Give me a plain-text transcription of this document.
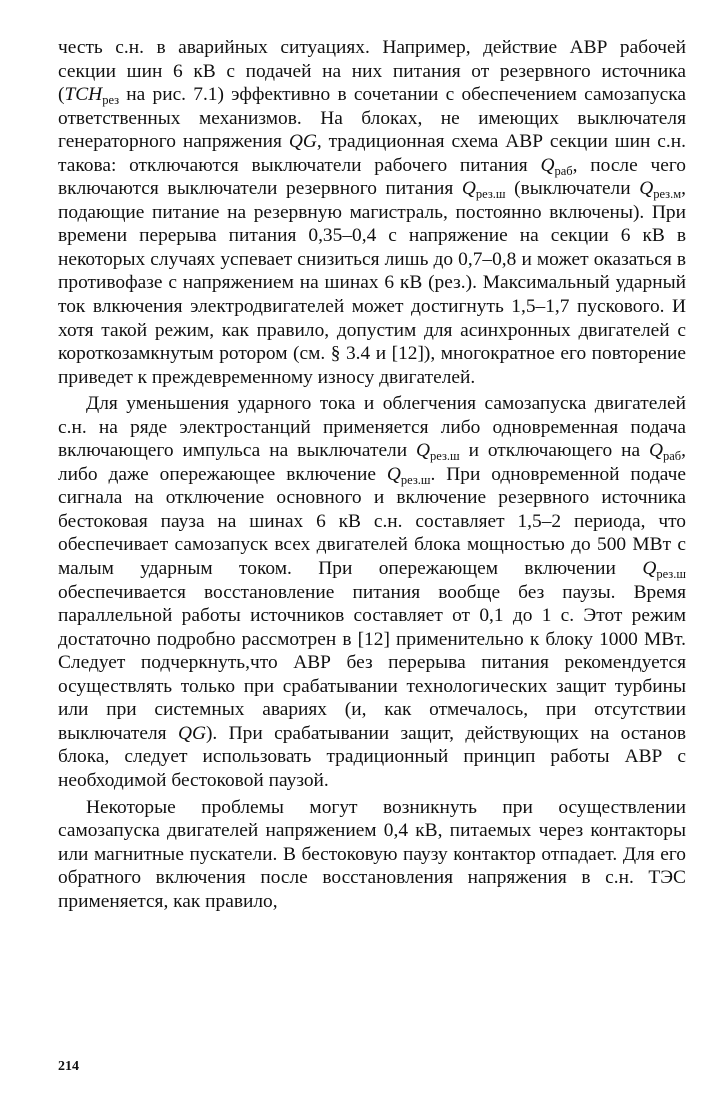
честь с.н. в аварийных ситуациях. Например, действие АВР рабочей секции шин 6 кВ с подачей на них питания от резервного источника ($ТСН_{рез}$ на рис. 7.1) эффективно в сочетании с обеспечением самозапуска ответственных механизмов. На блоках, не имеющих выключателя генераторного напряжения QG, традиционная схема АВР секции шин с.н. такова: отключаются выключатели рабочего питания $Q_{раб}$, после чего включаются выключатели резервного питания $Q_{рез.ш}$ (выключатели $Q_{рез.м}$, подающие питание на резервную магистраль, постоянно включены). При времени перерыва питания 0,35–0,4 с напряжение на секции 6 кВ в некоторых случаях успевает снизиться лишь до 0,7–0,8 и может оказаться в противофазе с напряжением на шинах 6 кВ (рез.). Максимальный ударный ток влкючения электродвигателей может достигнуть 1,5–1,7 пускового. И хотя такой режим, как правило, допустим для асинхронных двигателей с короткозамкнутым ротором (см. § 3.4 и [12]), многократное его повторение приведет к преждевременному износу двигателей.

Для уменьшения ударного тока и облегчения самозапуска двигателей с.н. на ряде электростанций применяется либо одновременная подача включающего импульса на выключатели $Q_{рез.ш}$ и отключающего на $Q_{раб}$, либо даже опережающее включение $Q_{рез.ш}$. При одновременной подаче сигнала на отключение основного и включение резервного источника бестоковая пауза на шинах 6 кВ с.н. составляет 1,5–2 периода, что обеспечивает самозапуск всех двигателей блока мощностью до 500 МВт с малым ударным током. При опережающем включении $Q_{рез.ш}$ обеспечивается восстановление питания вообще без паузы. Время параллельной работы источников составляет от 0,1 до 1 с. Этот режим достаточно подробно рассмотрен в [12] применительно к блоку 1000 МВт. Следует подчеркнуть,что АВР без перерыва питания рекомендуется осуществлять только при срабатывании технологических защит турбины или при системных авариях (и, как отмечалось, при отсутствии выключателя QG). При срабатывании защит, действующих на останов блока, следует использовать традиционный принцип работы АВР с необходимой бестоковой паузой.

Некоторые проблемы могут возникнуть при осуществлении самозапуска двигателей напряжением 0,4 кВ, питаемых через контакторы или магнитные пускатели. В бестоковую паузу контактор отпадает. Для его обратного включения после восстановления напряжения в с.н. ТЭС применяется, как правило,

214
